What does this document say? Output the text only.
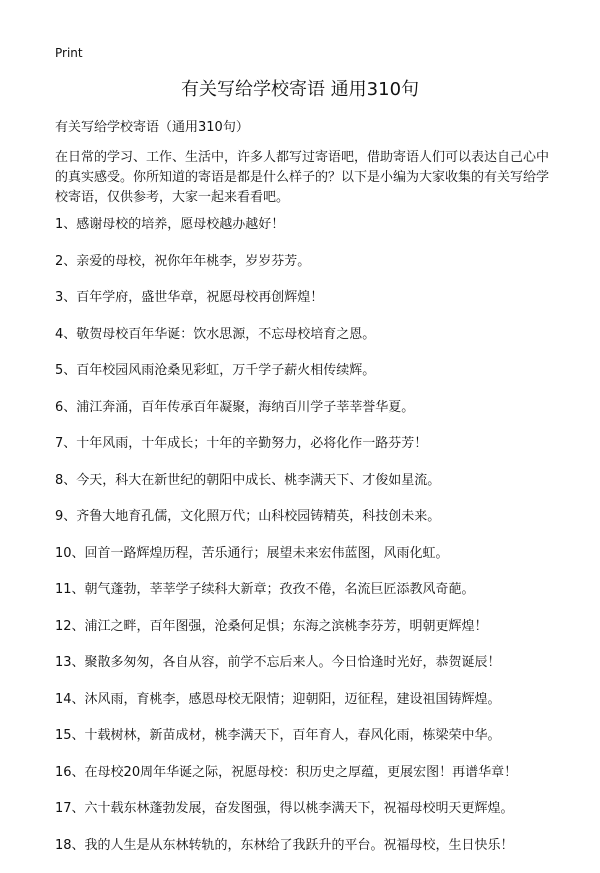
Print
有关写给学校寄语 通用310句

有关写给学校寄语（通用310句）

在日常的学习、工作、生活中，许多人都写过寄语吧，借助寄语人们可以表达自己心中的真实感受。你所知道的寄语是都是什么样子的？以下是小编为大家收集的有关写给学校寄语，仅供参考，大家一起来看看吧。

1、感谢母校的培养，愿母校越办越好！
2、亲爱的母校，祝你年年桃李，岁岁芬芳。
3、百年学府，盛世华章，祝愿母校再创辉煌！
4、敬贺母校百年华诞：饮水思源，不忘母校培育之恩。
5、百年校园风雨沧桑见彩虹，万千学子薪火相传续辉。
6、浦江奔涌，百年传承百年凝聚，海纳百川学子莘莘誉华夏。
7、十年风雨，十年成长；十年的辛勤努力，必将化作一路芬芳！
8、今天，科大在新世纪的朝阳中成长、桃李满天下、才俊如星流。
9、齐鲁大地育孔儒，文化照万代；山科校园铸精英，科技创未来。
10、回首一路辉煌历程，苦乐通行；展望未来宏伟蓝图，风雨化虹。
11、朝气蓬勃，莘莘学子续科大新章；孜孜不倦，名流巨匠添教风奇葩。
12、浦江之畔，百年图强，沧桑何足惧；东海之滨桃李芬芳，明朝更辉煌！
13、聚散多匆匆，各自从容，前学不忘后来人。今日恰逢时光好，恭贺诞辰！
14、沐风雨，育桃李，感恩母校无限情；迎朝阳，迈征程，建设祖国铸辉煌。
15、十载树林，新苗成材，桃李满天下，百年育人，春风化雨，栋梁荣中华。
16、在母校20周年华诞之际，祝愿母校：积历史之厚蕴，更展宏图！再谱华章！
17、六十载东林蓬勃发展，奋发图强，得以桃李满天下，祝福母校明天更辉煌。
18、我的人生是从东林转轨的，东林给了我跃升的平台。祝福母校，生日快乐！
